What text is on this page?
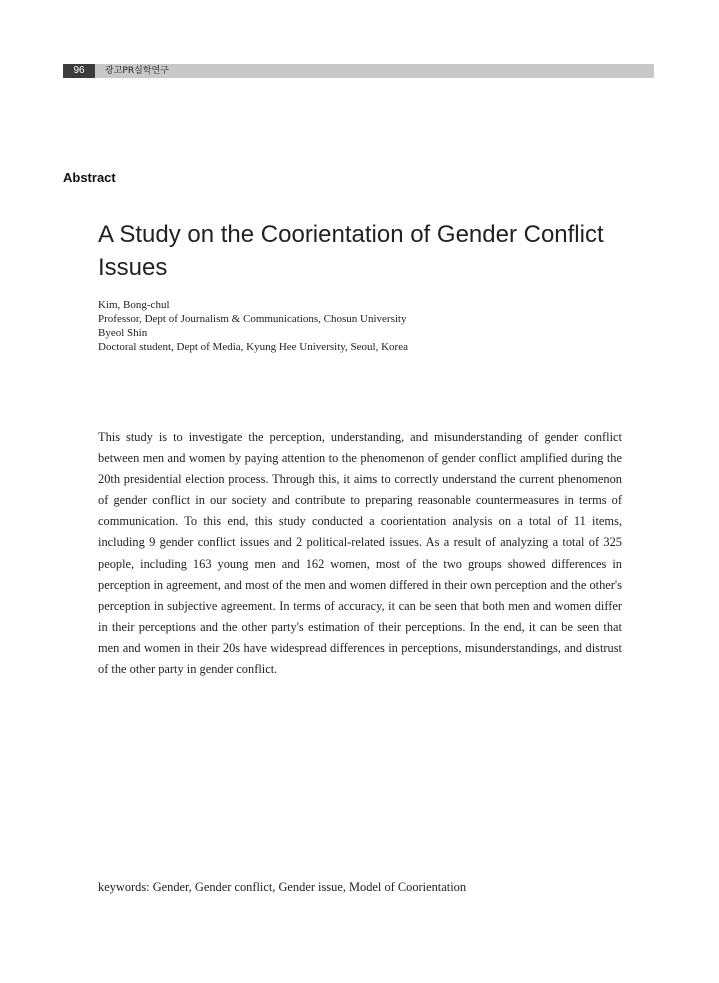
96	광고PR실학연구
Abstract
A Study on the Coorientation of Gender Conflict Issues
Kim, Bong-chul
Professor, Dept of Journalism & Communications, Chosun University
Byeol Shin
Doctoral student, Dept of Media, Kyung Hee University, Seoul, Korea

This study is to investigate the perception, understanding, and misunderstanding of gender conflict between men and women by paying attention to the phenomenon of gender conflict amplified during the 20th presidential election process. Through this, it aims to correctly understand the current phenomenon of gender conflict in our society and contribute to preparing reasonable countermeasures in terms of communication. To this end, this study conducted a coorientation analysis on a total of 11 items, including 9 gender conflict issues and 2 political-related issues. As a result of analyzing a total of 325 people, including 163 young men and 162 women, most of the two groups showed differences in perception in agreement, and most of the men and women differed in their own perception and the other's perception in subjective agreement. In terms of accuracy, it can be seen that both men and women differ in their perceptions and the other party's estimation of their perceptions. In the end, it can be seen that men and women in their 20s have widespread differences in perceptions, misunderstandings, and distrust of the other party in gender conflict.

keywords: Gender, Gender conflict, Gender issue, Model of Coorientation
